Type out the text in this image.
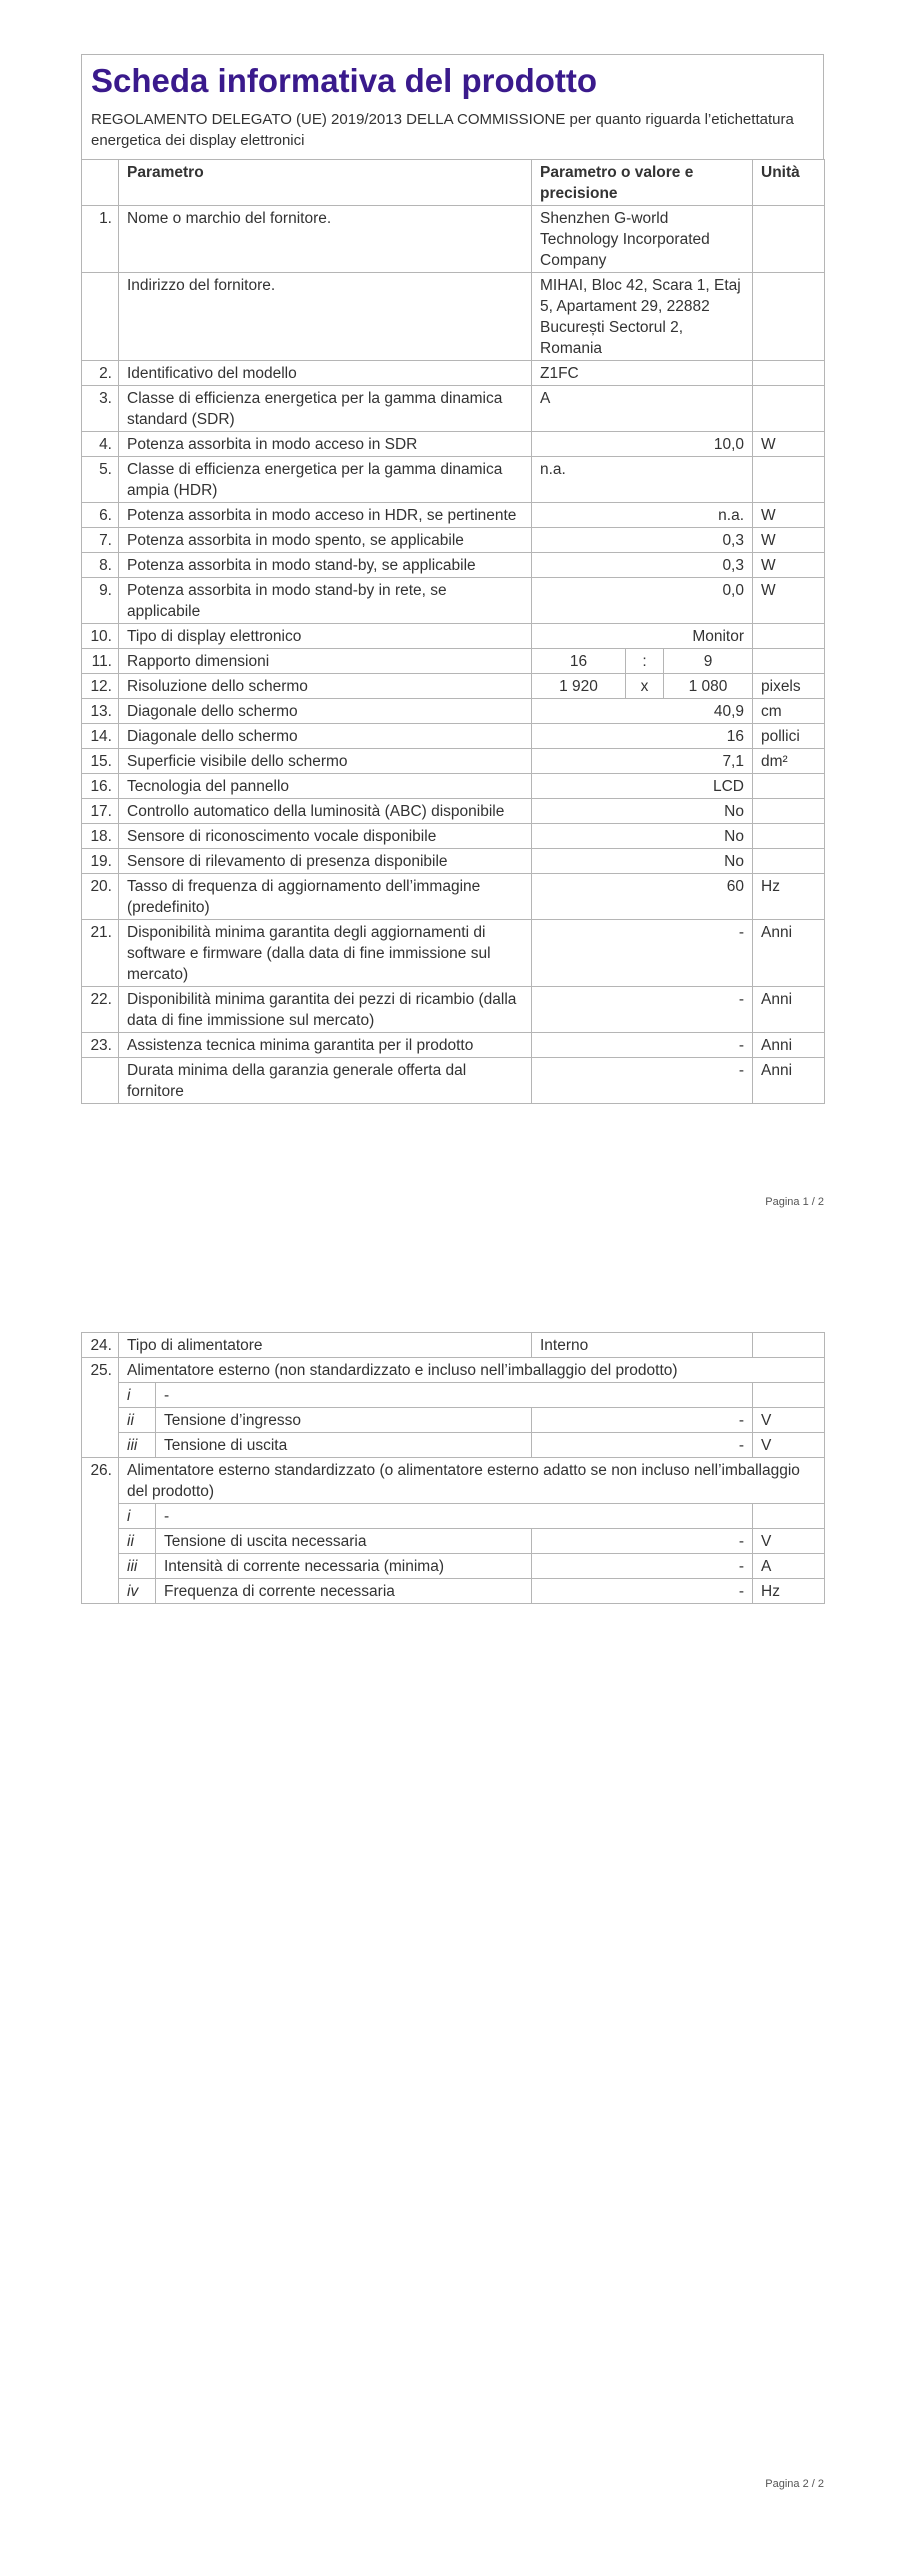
Scheda informativa del prodotto
REGOLAMENTO DELEGATO (UE) 2019/2013 DELLA COMMISSIONE per quanto riguarda l’etichettatura energetica dei display elettronici
	Parametro	Parametro o valore e precisione			Unità
1.	Nome o marchio del fornitore.	Shenzhen G-world Technology Incorporated Company			
	Indirizzo del fornitore.	MIHAI, Bloc 42, Scara 1, Etaj 5, Apartament 29, 22882 București Sectorul 2, Romania			
2.	Identificativo del modello	Z1FC			
3.	Classe di efficienza energetica per la gamma dinamica standard (SDR)	A			
4.	Potenza assorbita in modo acceso in SDR	10,0			W
5.	Classe di efficienza energetica per la gamma dinamica ampia (HDR)	n.a.			
6.	Potenza assorbita in modo acceso in HDR, se pertinente	n.a.			W
7.	Potenza assorbita in modo spento, se applicabile	0,3			W
8.	Potenza assorbita in modo stand-by, se applicabile	0,3			W
9.	Potenza assorbita in modo stand-by in rete, se applicabile	0,0			W
10.	Tipo di display elettronico	Monitor			
11.	Rapporto dimensioni	16	:	9	
12.	Risoluzione dello schermo	1 920	x	1 080	pixels
13.	Diagonale dello schermo	40,9			cm
14.	Diagonale dello schermo	16			pollici
15.	Superficie visibile dello schermo	7,1			dm²
16.	Tecnologia del pannello	LCD			
17.	Controllo automatico della luminosità (ABC) disponibile	No			
18.	Sensore di riconoscimento vocale disponibile	No			
19.	Sensore di rilevamento di presenza disponibile	No			
20.	Tasso di frequenza di aggiornamento dell’immagine (predefinito)	60			Hz
21.	Disponibilità minima garantita degli aggiornamenti di software e firmware (dalla data di fine immissione sul mercato)	-			Anni
22.	Disponibilità minima garantita dei pezzi di ricambio (dalla data di fine immissione sul mercato)	-			Anni
23.	Assistenza tecnica minima garantita per il prodotto	-			Anni
	Durata minima della garanzia generale offerta dal fornitore	-			Anni
Pagina 1 / 2
24.	Tipo di alimentatore		Interno	
25.	Alimentatore esterno (non standardizzato e incluso nell’imballaggio del prodotto)			
	i	-		
	ii	Tensione d’ingresso	-	V
	iii	Tensione di uscita	-	V
26.	Alimentatore esterno standardizzato (o alimentatore esterno adatto se non incluso nell’imballaggio del prodotto)			
	i	-		
	ii	Tensione di uscita necessaria	-	V
	iii	Intensità di corrente necessaria (minima)	-	A
	iv	Frequenza di corrente necessaria	-	Hz
Pagina 2 / 2
